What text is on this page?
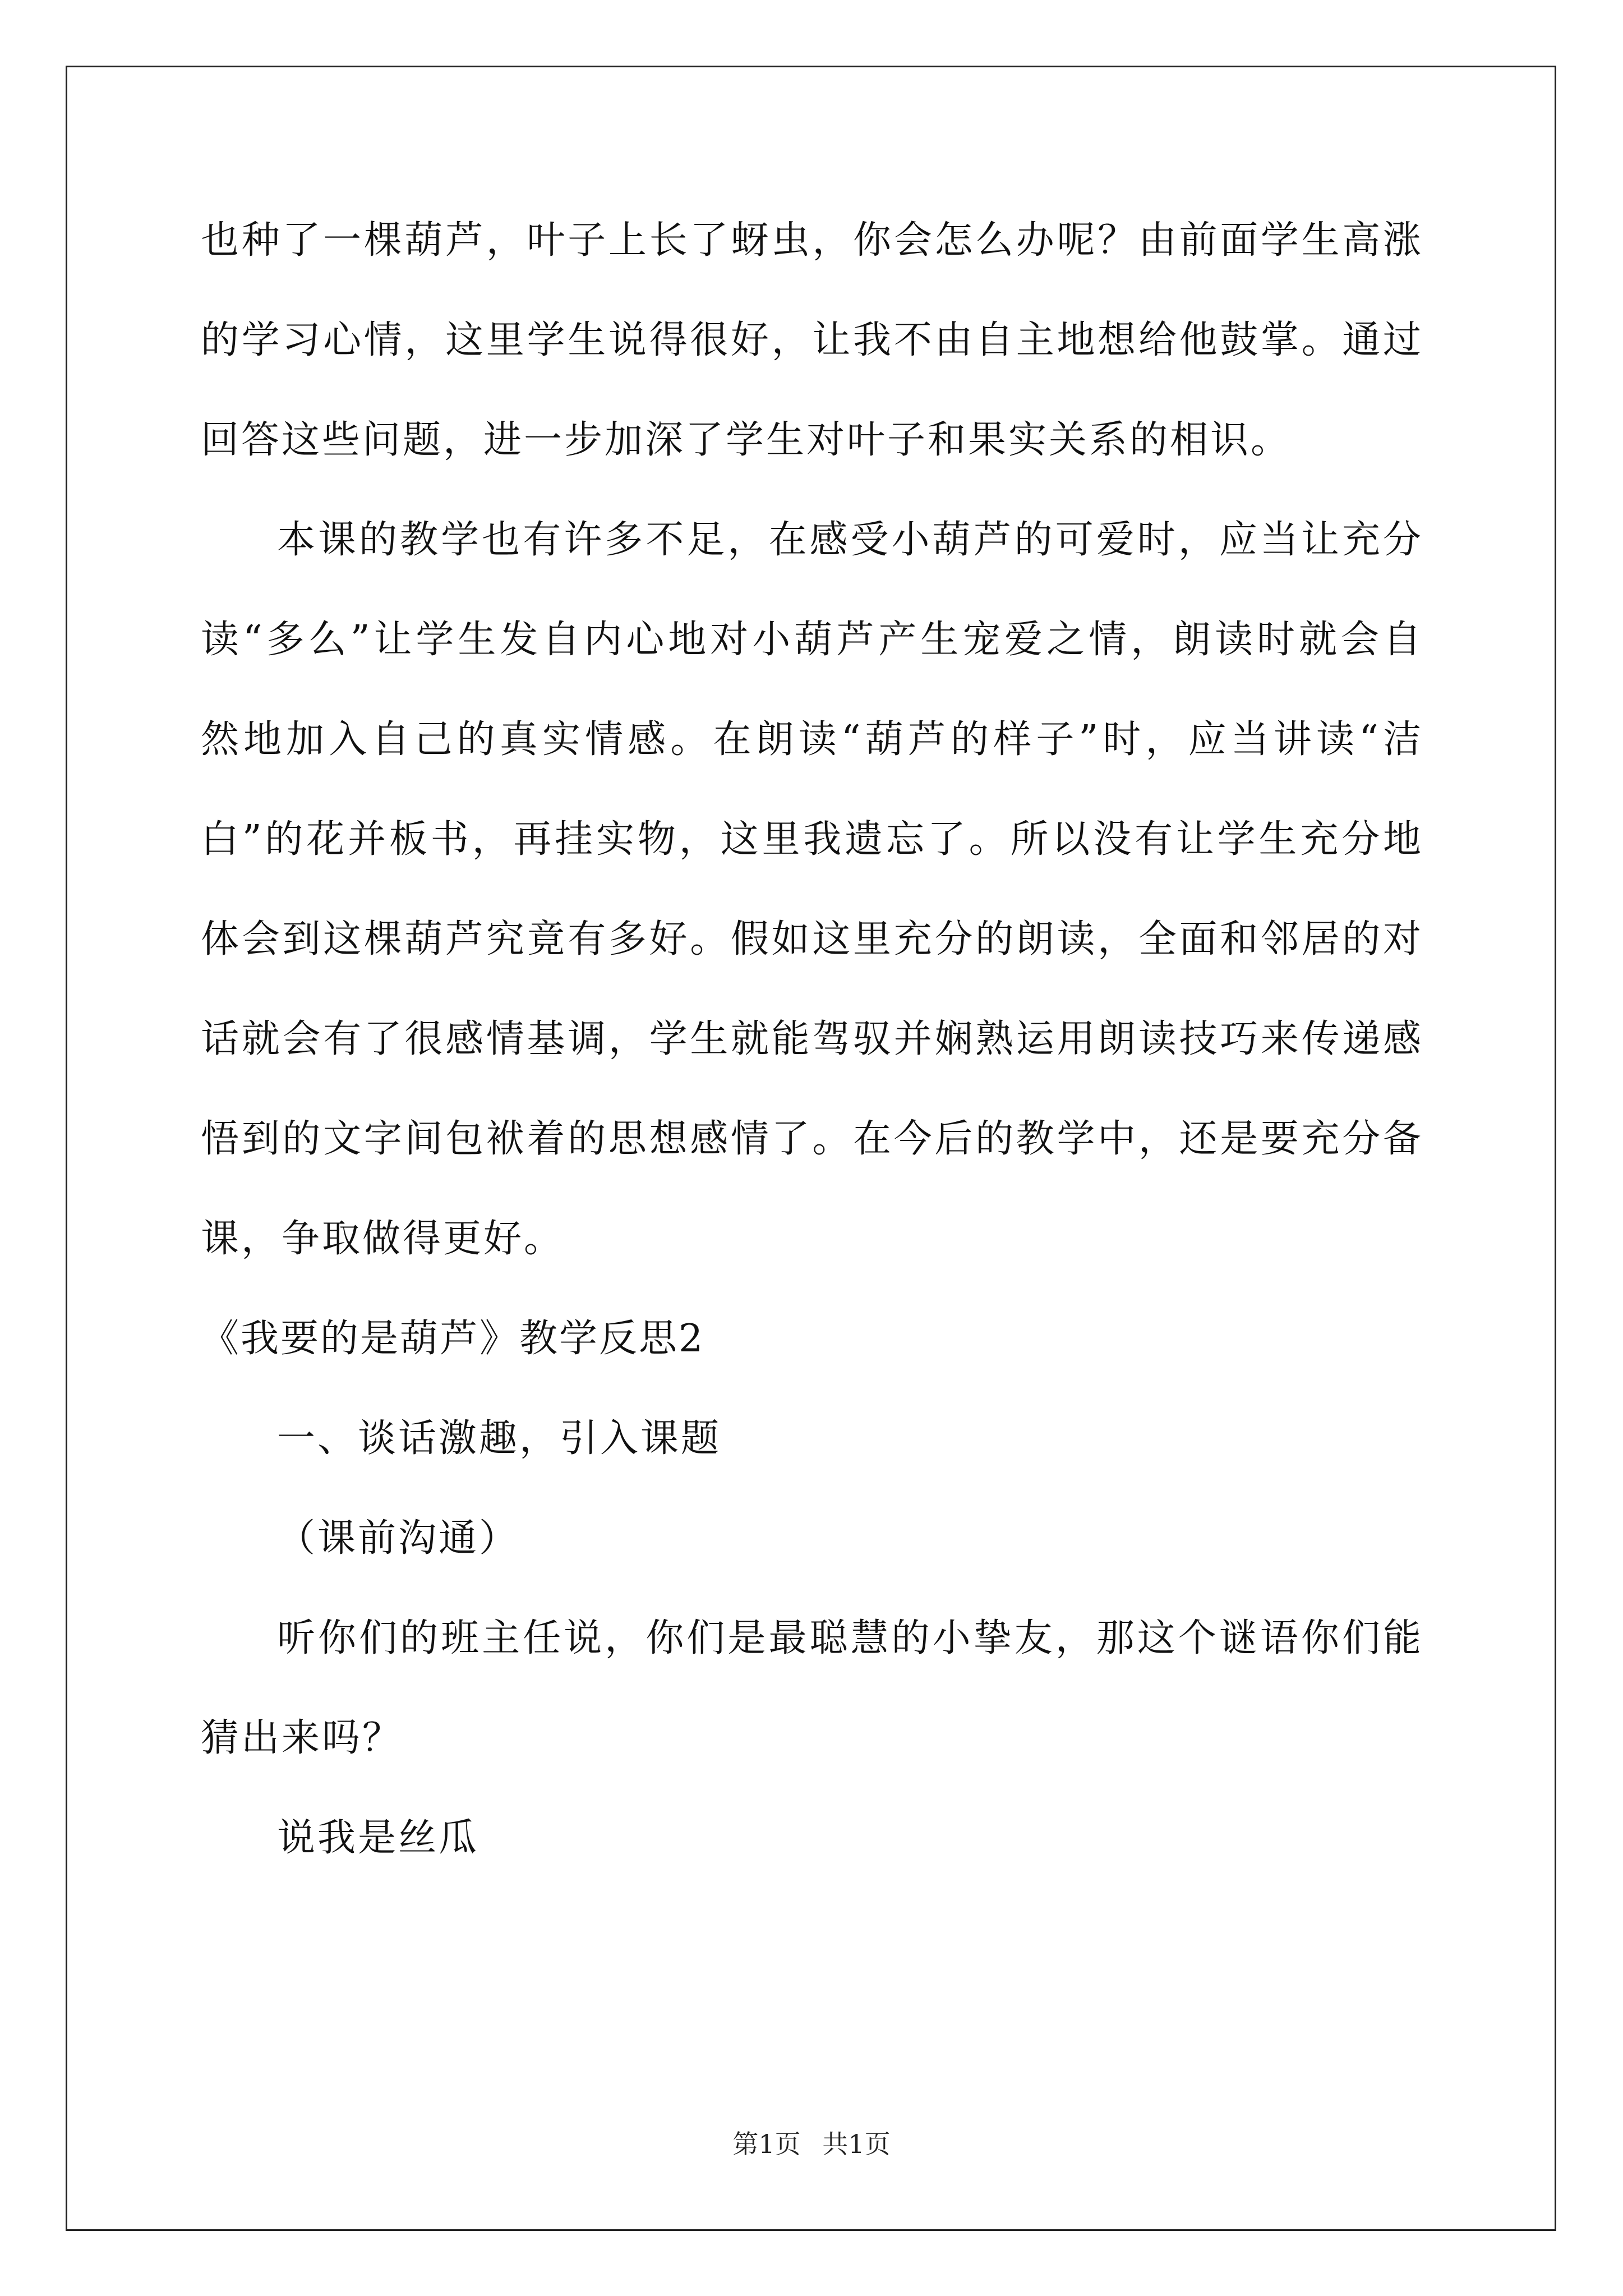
也种了一棵葫芦，叶子上长了蚜虫，你会怎么办呢？由前面学生高涨
的学习心情，这里学生说得很好，让我不由自主地想给他鼓掌。通过
回答这些问题，进一步加深了学生对叶子和果实关系的相识。
本课的教学也有许多不足，在感受小葫芦的可爱时，应当让充分
读“多么”让学生发自内心地对小葫芦产生宠爱之情，朗读时就会自
然地加入自己的真实情感。在朗读“葫芦的样子”时，应当讲读“洁
白”的花并板书，再挂实物，这里我遗忘了。所以没有让学生充分地
体会到这棵葫芦究竟有多好。假如这里充分的朗读，全面和邻居的对
话就会有了很感情基调，学生就能驾驭并娴熟运用朗读技巧来传递感
悟到的文字间包袱着的思想感情了。在今后的教学中，还是要充分备
课，争取做得更好。
《我要的是葫芦》教学反思2
一、谈话激趣，引入课题
（课前沟通）
听你们的班主任说，你们是最聪慧的小挚友，那这个谜语你们能
猜出来吗？
说我是丝瓜
第1页 共1页
